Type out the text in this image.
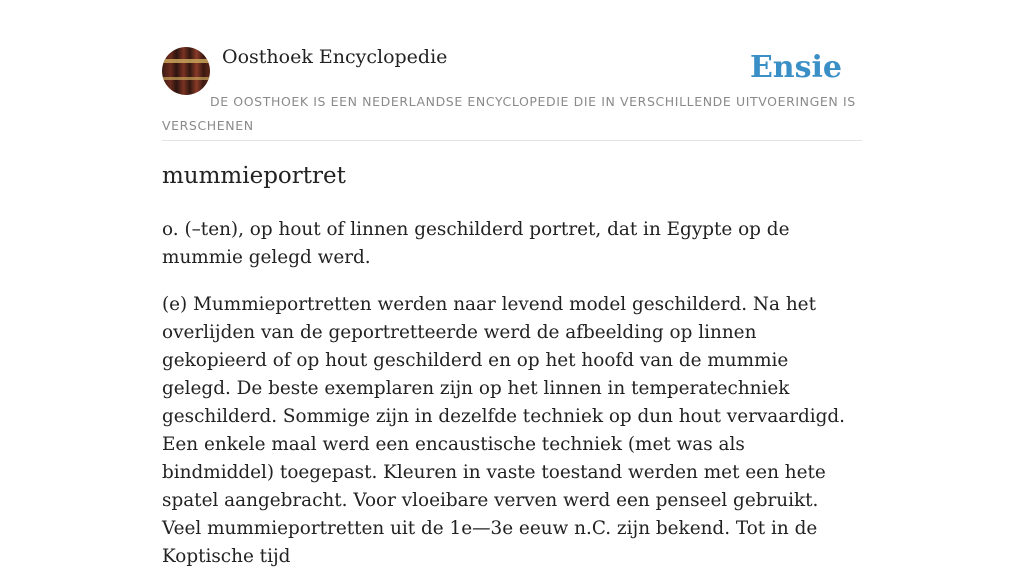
Oosthoek Encyclopedie	Ensie
DE OOSTHOEK IS EEN NEDERLANDSE ENCYCLOPEDIE DIE IN VERSCHILLENDE UITVOERINGEN IS VERSCHENEN
mummieportret

o. (–ten), op hout of linnen geschilderd portret, dat in Egypte op de mummie gelegd werd.

(e) Mummieportretten werden naar levend model geschilderd. Na het overlijden van de geportretteerde werd de afbeelding op linnen gekopieerd of op hout geschilderd en op het hoofd van de mummie gelegd. De beste exemplaren zijn op het linnen in temperatechniek geschilderd. Sommige zijn in dezelfde techniek op dun hout vervaardigd. Een enkele maal werd een encaustische techniek (met was als bindmiddel) toegepast. Kleuren in vaste toestand werden met een hete spatel aangebracht. Voor vloeibare verven werd een penseel gebruikt. Veel mummieportretten uit de 1e—3e eeuw n.C. zijn bekend. Tot in de Koptische tijd
